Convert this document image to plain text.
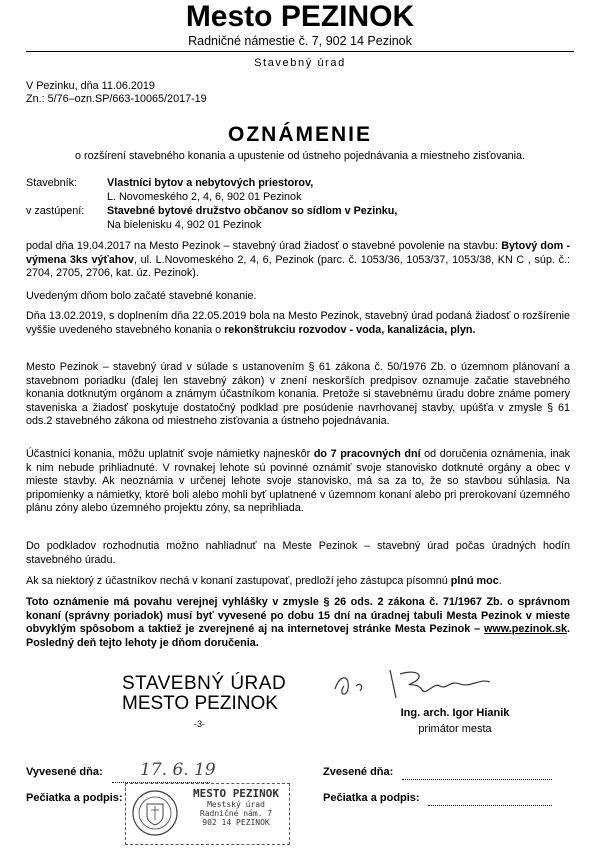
Mesto PEZINOK
Radničné námestie č. 7, 902 14 Pezinok
Stavebný úrad
V Pezinku, dňa 11.06.2019
Zn.: 5/76–ozn.SP/663-10065/2017-19
OZNÁMENIE
o rozšírení stavebného konania a upustenie od ústneho pojednávania a miestneho zisťovania.
Stavebník:	Vlastníci bytov a nebytových priestorov,
L. Novomeského 2, 4, 6, 902 01 Pezinok
v zastúpení: Stavebné bytové družstvo občanov so sídlom v Pezinku,
Na bielenisku 4, 902 01 Pezinok
podal dňa 19.04.2017 na Mesto Pezinok – stavebný úrad žiadosť o stavebné povolenie na stavbu: Bytový dom - výmena 3ks výťahov, ul. L.Novomeského 2, 4, 6, Pezinok (parc. č. 1053/36, 1053/37, 1053/38, KN C , súp. č.: 2704, 2705, 2706, kat. úz. Pezinok).
Uvedeným dňom bolo začaté stavebné konanie.
Dňa 13.02.2019, s doplnením dňa 22.05.2019 bola na Mesto Pezinok, stavebný úrad podaná žiadosť o rozšírenie vyššie uvedeného stavebného konania o rekonštrukciu rozvodov - voda, kanalizácia, plyn.
Mesto Pezinok – stavebný úrad v súlade s ustanovením § 61 zákona č. 50/1976 Zb. o územnom plánovaní a stavebnom poriadku (ďalej len stavebný zákon) v znení neskorších predpisov oznamuje začatie stavebného konania dotknutým orgánom a známym účastníkom konania. Pretože si stavebnému úradu dobre známe pomery staveniska a žiadosť poskytuje dostatočný podklad pre posúdenie navrhovanej stavby, upúšťa v zmysle § 61 ods.2 stavebného zákona od miestneho zisťovania a ústneho pojednávania.
Účastníci konania, môžu uplatniť svoje námietky najneskôr do 7 pracovných dní od doručenia oznámenia, inak k nim nebude prihliadnuté. V rovnakej lehote sú povinné oznámiť svoje stanovisko dotknuté orgány a obec v mieste stavby. Ak neoznámia v určenej lehote svoje stanovisko, má sa za to, že so stavbou súhlasia. Na pripomienky a námietky, ktoré boli alebo mohli byť uplatnené v územnom konaní alebo pri prerokovaní územného plánu zóny alebo územného projektu zóny, sa neprihliada.
Do podkladov rozhodnutia možno nahliadnuť na Meste Pezinok – stavebný úrad počas úradných hodín stavebného úradu.
Ak sa niektorý z účastníkov nechá v konaní zastupovať, predloží jeho zástupca písomnú plnú moc.
Toto oznámenie má povahu verejnej vyhlášky v zmysle § 26 ods. 2 zákona č. 71/1967 Zb. o správnom konaní (správny poriadok) musí byť vyvesené po dobu 15 dní na úradnej tabuli Mesta Pezinok v mieste obvyklým spôsobom a taktiež je zverejnené aj na internetovej stránke Mesta Pezinok – www.pezinok.sk. Posledný deň tejto lehoty je dňom doručenia.
STAVEBNÝ ÚRAD
MESTO PEZINOK
-3-
Ing. arch. Igor Hianik
primátor mesta
Vyvesené dňa: 17. 6. 19	Zvesené dňa:
Pečiatka a podpis:	Pečiatka a podpis:
MESTO PEZINOK
Mestský úrad
Radničné nám. 7
902 14 PEZINOK
